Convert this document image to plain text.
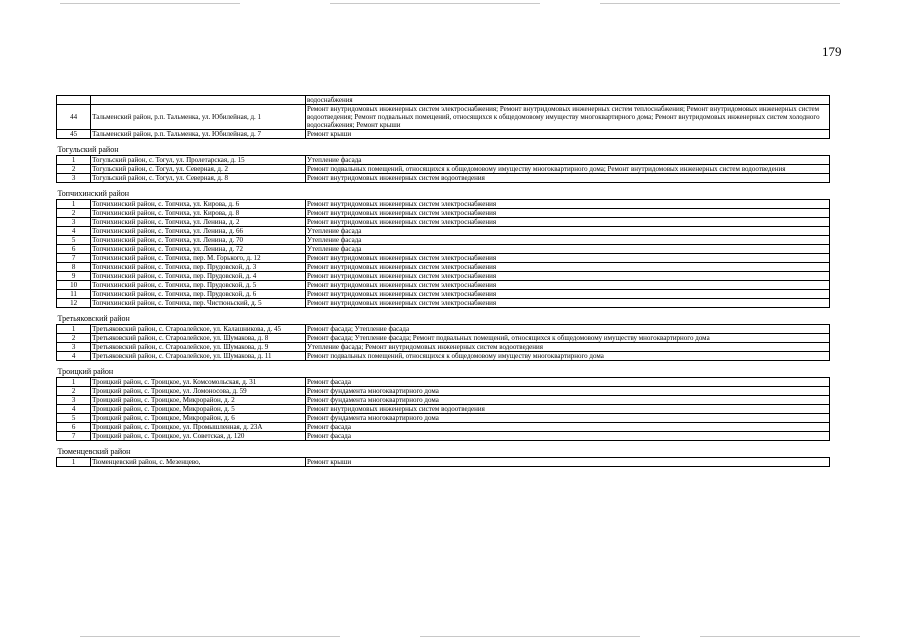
179
		водоснабжения
44	Тальменский район, р.п. Тальменка, ул. Юбилейная, д. 1	Ремонт внутридомовых инженерных систем электроснабжения; Ремонт внутридомовых инженерных систем теплоснабжения; Ремонт внутридомовых инженерных систем водоотведения; Ремонт подвальных помещений, относящихся к общедомовому имуществу многоквартирного дома; Ремонт внутридомовых инженерных систем холодного водоснабжения; Ремонт крыши
45	Тальменский район, р.п. Тальменка, ул. Юбилейная, д. 7	Ремонт крыши
Тогульский район		
1	Тогульский район, с. Тогул, ул. Пролетарская, д. 15	Утепление фасада
2	Тогульский район, с. Тогул, ул. Северная, д. 2	Ремонт подвальных помещений, относящихся к общедомовому имуществу многоквартирного дома; Ремонт внутридомовых инженерных систем водоотведения
3	Тогульский район, с. Тогул, ул. Северная, д. 8	Ремонт внутридомовых инженерных систем водоотведения
Топчихинский район		
1	Топчихинский район, с. Топчиха, ул. Кирова, д. 6	Ремонт внутридомовых инженерных систем электроснабжения
2	Топчихинский район, с. Топчиха, ул. Кирова, д. 8	Ремонт внутридомовых инженерных систем электроснабжения
3	Топчихинский район, с. Топчиха, ул. Ленина, д. 2	Ремонт внутридомовых инженерных систем электроснабжения
4	Топчихинский район, с. Топчиха, ул. Ленина, д. 66	Утепление фасада
5	Топчихинский район, с. Топчиха, ул. Ленина, д. 70	Утепление фасада
6	Топчихинский район, с. Топчиха, ул. Ленина, д. 72	Утепление фасада
7	Топчихинский район, с. Топчиха, пер. М. Горького, д. 12	Ремонт внутридомовых инженерных систем электроснабжения
8	Топчихинский район, с. Топчиха, пер. Прудовской, д. 3	Ремонт внутридомовых инженерных систем электроснабжения
9	Топчихинский район, с. Топчиха, пер. Прудовской, д. 4	Ремонт внутридомовых инженерных систем электроснабжения
10	Топчихинский район, с. Топчиха, пер. Прудовской, д. 5	Ремонт внутридомовых инженерных систем электроснабжения
11	Топчихинский район, с. Топчиха, пер. Прудовской, д. 6	Ремонт внутридомовых инженерных систем электроснабжения
12	Топчихинский район, с. Топчиха, пер. Чистюньский, д. 5	Ремонт внутридомовых инженерных систем электроснабжения
Третьяковский район		
1	Третьяковский район, с. Староалейское, ул. Калашникова, д. 45	Ремонт фасада; Утепление фасада
2	Третьяковский район, с. Староалейское, ул. Шумакова, д. 8	Ремонт фасада; Утепление фасада; Ремонт подвальных помещений, относящихся к общедомовому имуществу многоквартирного дома
3	Третьяковский район, с. Староалейское, ул. Шумакова, д. 9	Утепление фасада; Ремонт внутридомовых инженерных систем водоотведения
4	Третьяковский район, с. Староалейское, ул. Шумакова, д. 11	Ремонт подвальных помещений, относящихся к общедомовому имуществу многоквартирного дома
Троицкий район		
1	Троицкий район, с. Троицкое, ул. Комсомольская, д. 31	Ремонт фасада
2	Троицкий район, с. Троицкое, ул. Ломоносова, д. 59	Ремонт фундамента многоквартирного дома
3	Троицкий район, с. Троицкое, Микрорайон, д. 2	Ремонт фундамента многоквартирного дома
4	Троицкий район, с. Троицкое, Микрорайон, д. 5	Ремонт внутридомовых инженерных систем водоотведения
5	Троицкий район, с. Троицкое, Микрорайон, д. 6	Ремонт фундамента многоквартирного дома
6	Троицкий район, с. Троицкое, ул. Промышленная, д. 23А	Ремонт фасада
7	Троицкий район, с. Троицкое, ул. Советская, д. 120	Ремонт фасада
Тюменцевский район		
1	Тюменцевский район, с. Мезенцево,	Ремонт крыши
